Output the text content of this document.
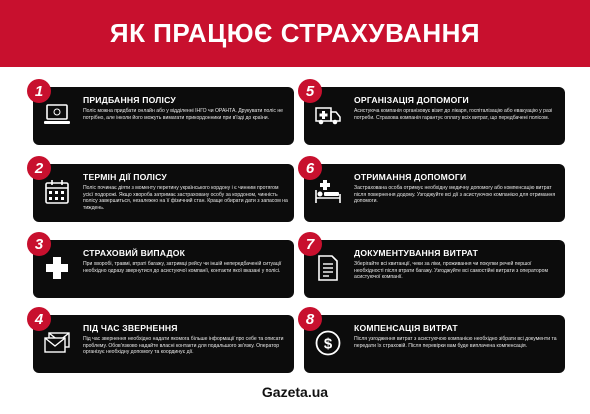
ЯК ПРАЦЮЄ СТРАХУВАННЯ
1
ПРИДБАННЯ ПОЛІСУ
Поліс можна придбати онлайн або у відділенні ІНГО чи ОРАНТА. Друкувати поліс не потрібно, але інколи його можуть вимагати прикордонники при в'їзді до країни.
2
ТЕРМІН ДІЇ ПОЛІСУ
Поліс починає діяти з моменту перетину українського кордону і є чинним протягом усієї подорожі. Якщо хвороба затримає застраховану особу за кордоном, чинність полісу завершиться, незалежно на її фізичний стан. Краще обирати дати з запасом на тиждень.
3
СТРАХОВИЙ ВИПАДОК
При хворобі, травмі, втраті багажу, затримці рейсу чи іншій непередбаченій ситуації необхідно одразу звернутися до асистуючої компанії, контакти якої вказані у полісі.
4
ПІД ЧАС ЗВЕРНЕННЯ
Під час звернення необхідно надати якомога більше інформації про себе та описати проблему. Обов'язково надайте власні контакти для подальшого зв'язку. Оператор організує необхідну допомогу та координує дії.
5
ОРГАНІЗАЦІЯ ДОПОМОГИ
Асистуюча компанія організовує візит до лікаря, госпіталізацію або евакуацію у разі потреби. Страхова компанія гарантує оплату всіх витрат, що передбачені полісом.
6
ОТРИМАННЯ ДОПОМОГИ
Застрахована особа отримує необхідну медичну допомогу або компенсацію витрат після повернення додому. Узгоджуйте всі дії з асистуючою компанією для отримання допомоги.
7
ДОКУМЕНТУВАННЯ ВИТРАТ
Зберігайте всі квитанції, чеки за ліки, проживання чи покупки речей першої необхідності після втрати багажу. Узгоджуйте всі самостійні витрати з оператором асистуючої компанії.
8
$
КОМПЕНСАЦІЯ ВИТРАТ
Після узгодження витрат з асистуючою компанією необхідно зібрати всі документи та передати їх страховій. Після перевірки вам буде виплачена компенсація.
Gazeta.ua
